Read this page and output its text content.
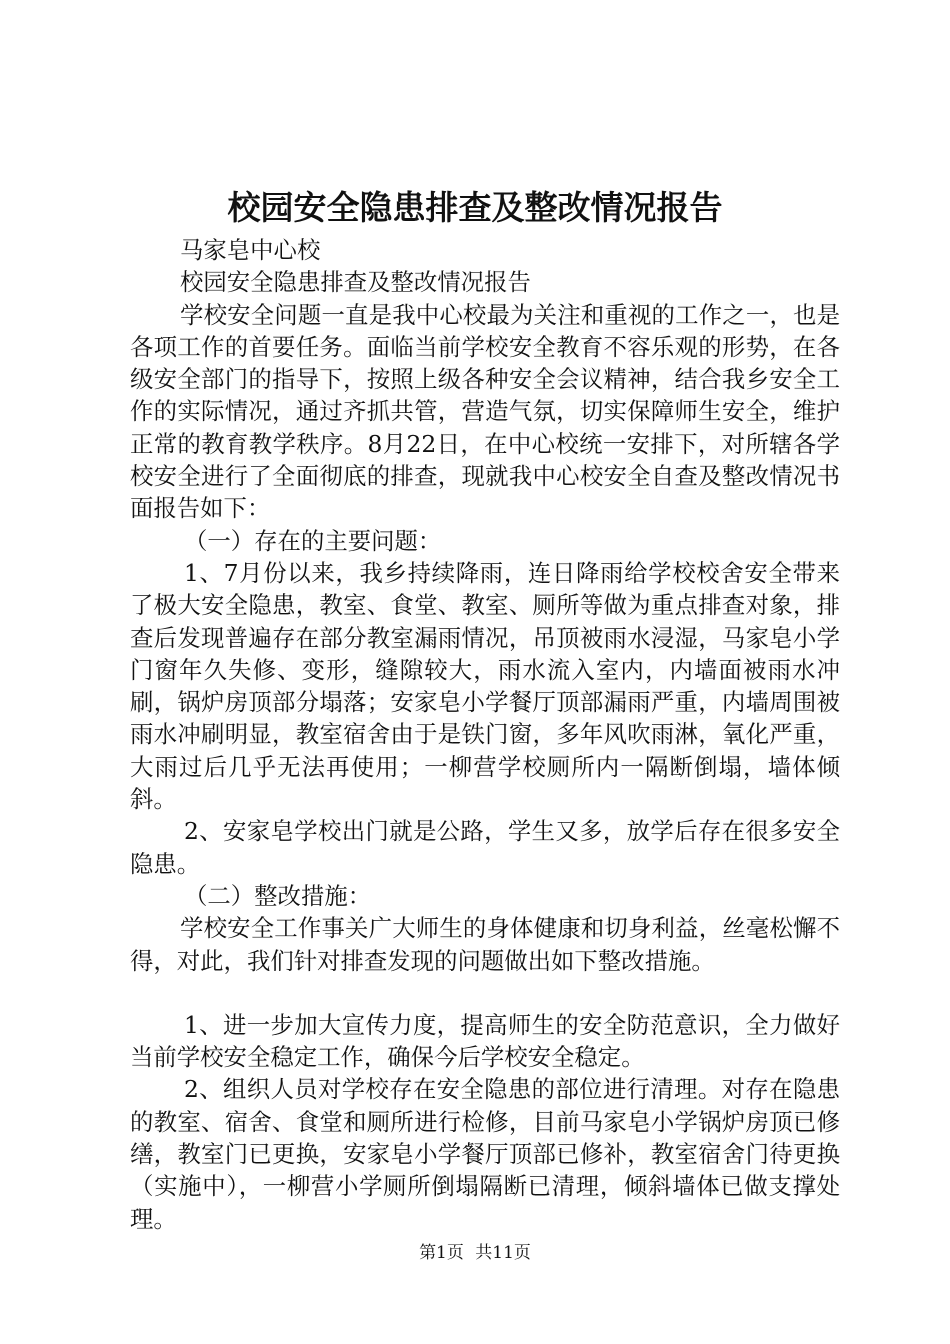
校园安全隐患排查及整改情况报告

马家皂中心校

校园安全隐患排查及整改情况报告

学校安全问题一直是我中心校最为关注和重视的工作之一，也是各项工作的首要任务。面临当前学校安全教育不容乐观的形势，在各级安全部门的指导下，按照上级各种安全会议精神，结合我乡安全工作的实际情况，通过齐抓共管，营造气氛，切实保障师生安全，维护正常的教育教学秩序。8月22日，在中心校统一安排下，对所辖各学校安全进行了全面彻底的排查，现就我中心校安全自查及整改情况书面报告如下：

（一）存在的主要问题：

1、7月份以来，我乡持续降雨，连日降雨给学校校舍安全带来了极大安全隐患，教室、食堂、教室、厕所等做为重点排查对象，排查后发现普遍存在部分教室漏雨情况，吊顶被雨水浸湿，马家皂小学门窗年久失修、变形，缝隙较大，雨水流入室内，内墙面被雨水冲刷，锅炉房顶部分塌落；安家皂小学餐厅顶部漏雨严重，内墙周围被雨水冲刷明显，教室宿舍由于是铁门窗，多年风吹雨淋，氧化严重，大雨过后几乎无法再使用；一柳营学校厕所内一隔断倒塌，墙体倾斜。

2、安家皂学校出门就是公路，学生又多，放学后存在很多安全隐患。

（二）整改措施：

学校安全工作事关广大师生的身体健康和切身利益，丝毫松懈不得，对此，我们针对排查发现的问题做出如下整改措施。

1、进一步加大宣传力度，提高师生的安全防范意识，全力做好当前学校安全稳定工作，确保今后学校安全稳定。

2、组织人员对学校存在安全隐患的部位进行清理。对存在隐患的教室、宿舍、食堂和厕所进行检修，目前马家皂小学锅炉房顶已修缮，教室门已更换，安家皂小学餐厅顶部已修补，教室宿舍门待更换（实施中），一柳营小学厕所倒塌隔断已清理，倾斜墙体已做支撑处理。

第1页 共11页
